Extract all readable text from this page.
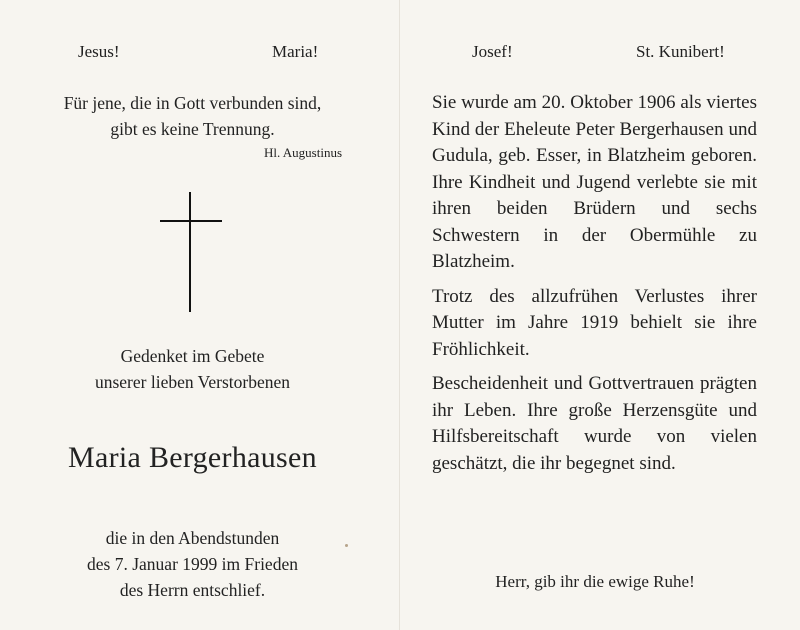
Jesus!	Maria!
Für jene, die in Gott verbunden sind,
gibt es keine Trennung.
Hl. Augustinus
Gedenket im Gebete
unserer lieben Verstorbenen
Maria Bergerhausen
die in den Abendstunden
des 7. Januar 1999 im Frieden
des Herrn entschlief.
Josef!	St. Kunibert!

Sie wurde am 20. Oktober 1906 als viertes Kind der Eheleute Peter Bergerhausen und Gudula, geb. Esser, in Blatzheim geboren. Ihre Kindheit und Jugend verlebte sie mit ihren beiden Brüdern und sechs Schwestern in der Obermühle zu Blatzheim.

Trotz des allzufrühen Verlustes ihrer Mutter im Jahre 1919 behielt sie ihre Fröhlichkeit.

Bescheidenheit und Gottvertrauen prägten ihr Leben. Ihre große Herzensgüte und Hilfsbereitschaft wurde von vielen geschätzt, die ihr begegnet sind.

Herr, gib ihr die ewige Ruhe!
